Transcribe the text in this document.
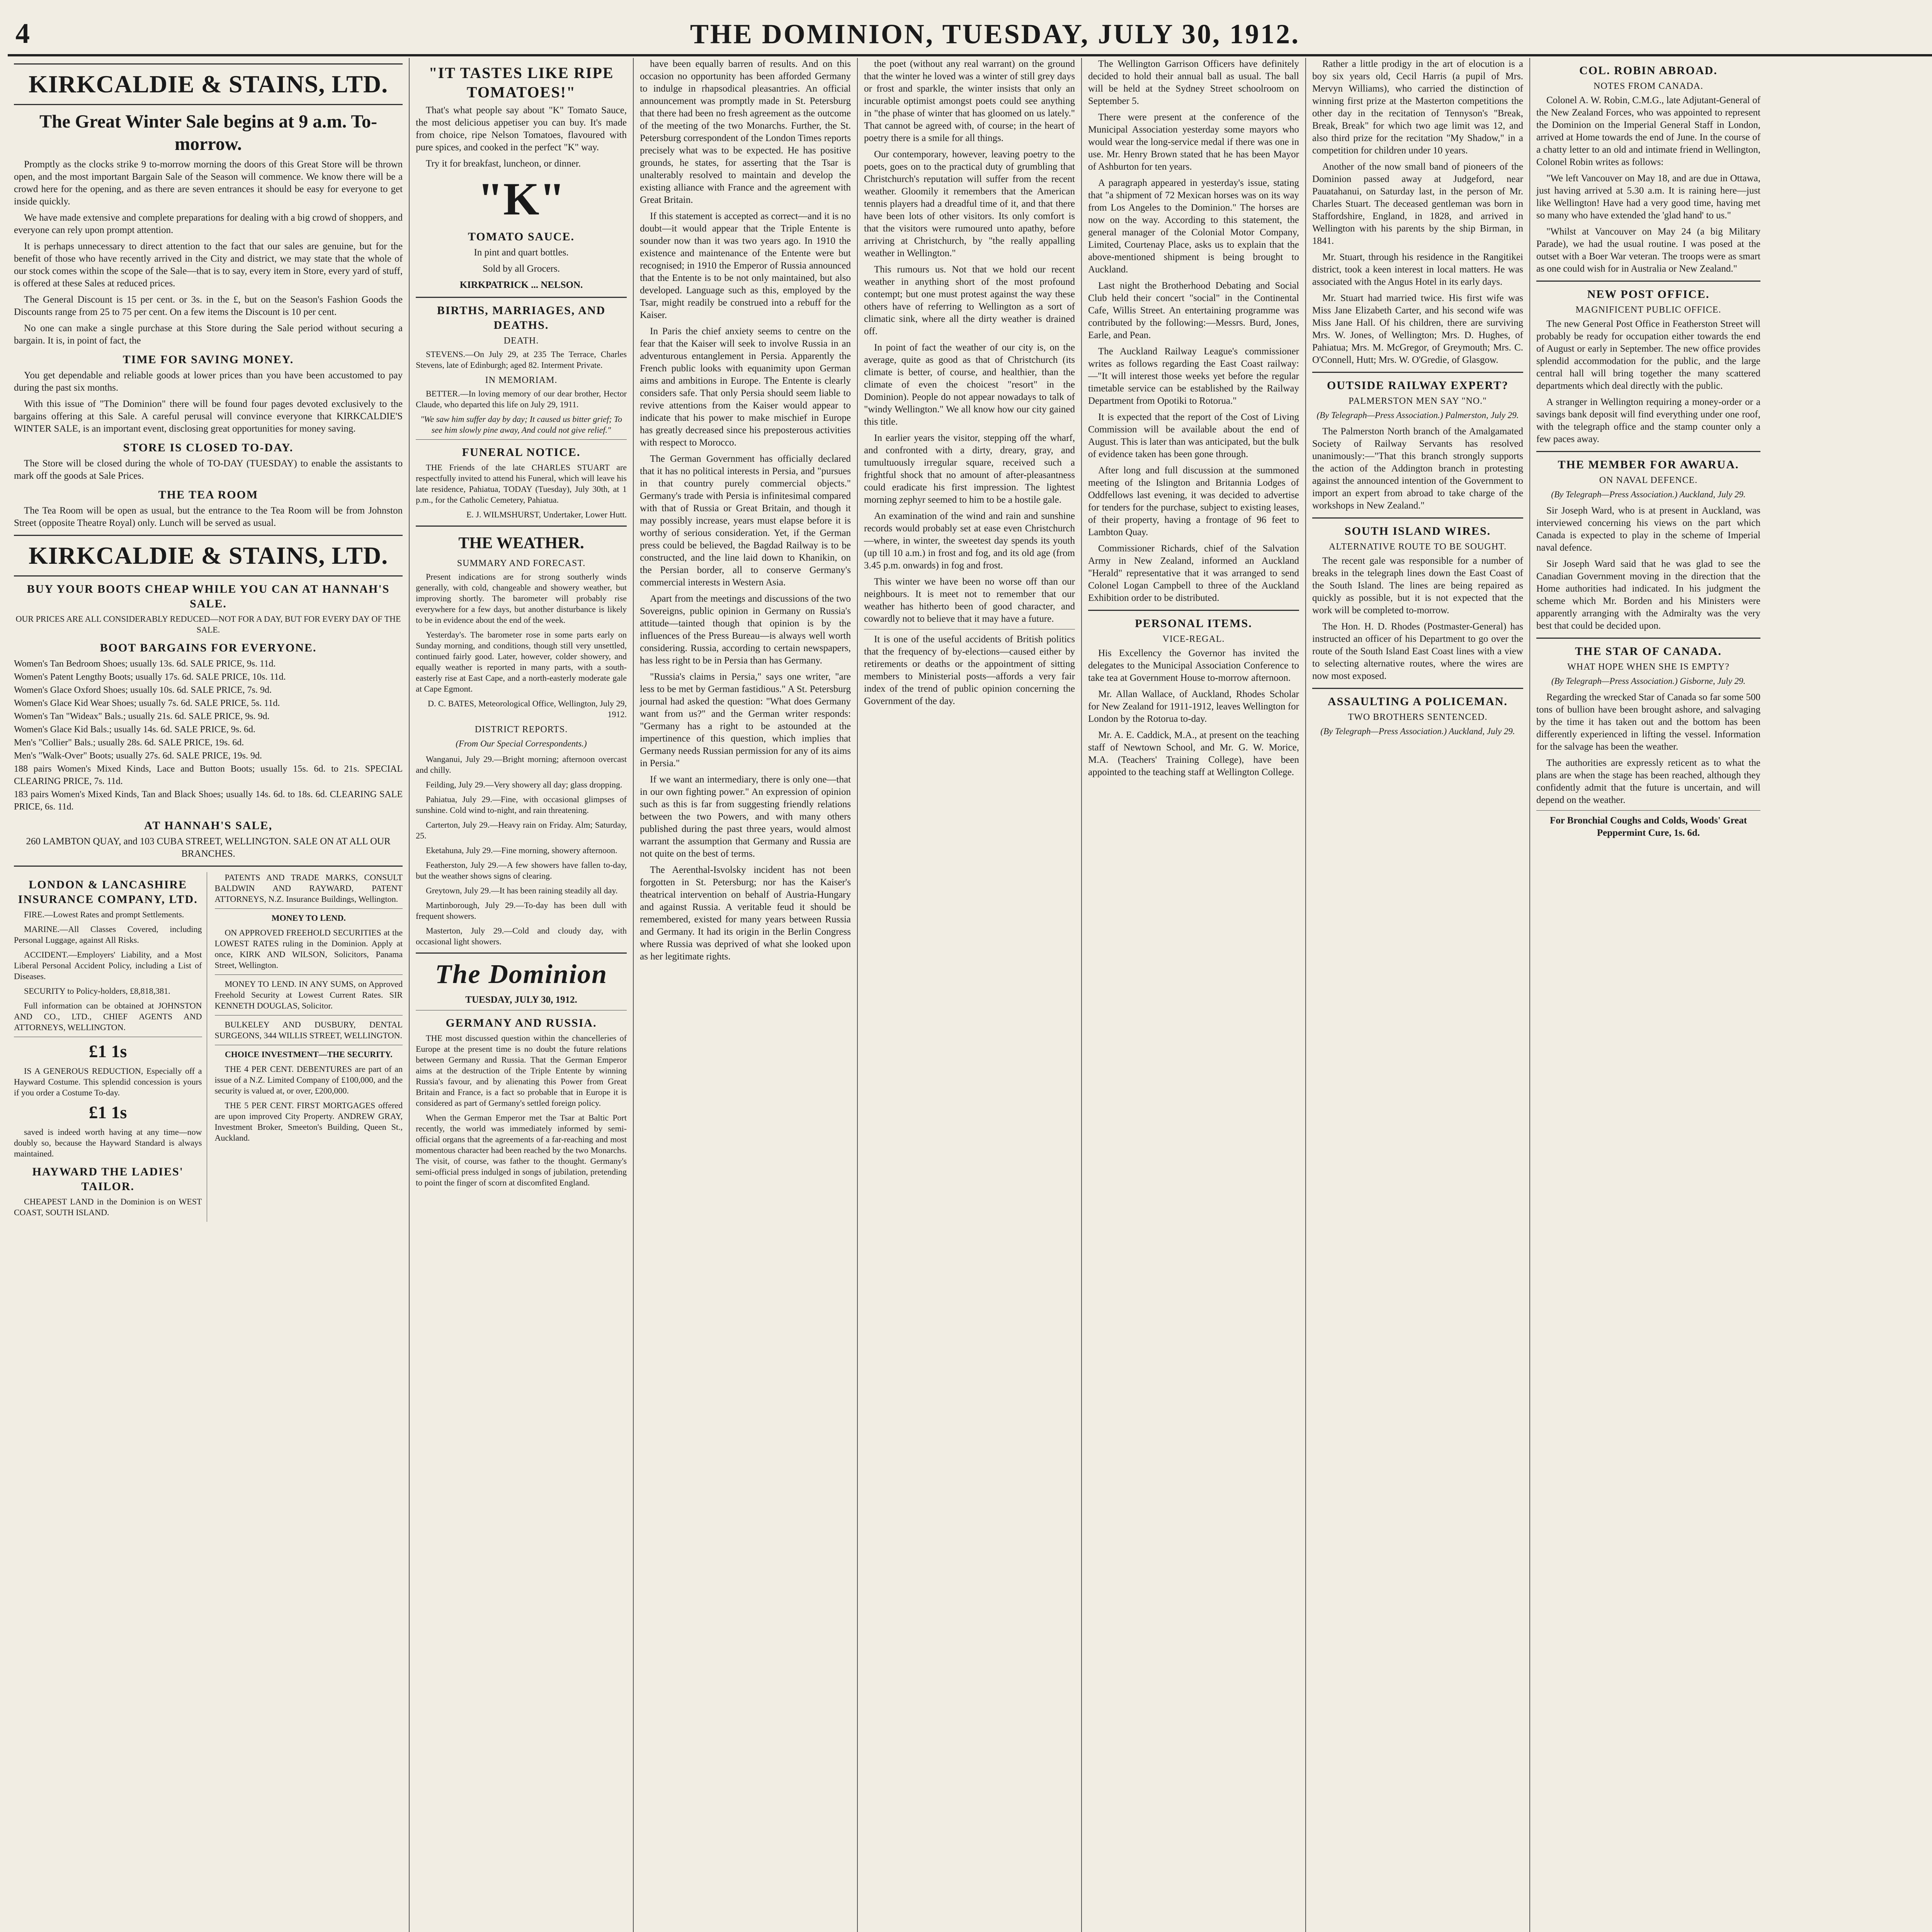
4	THE DOMINION, TUESDAY, JULY 30, 1912.
KIRKCALDIE & STAINS, LTD.
The Great Winter Sale begins at 9 a.m. To-morrow.

Promptly as the clocks strike 9 to-morrow morning the doors of this Great Store will be thrown open, and the most important Bargain Sale of the Season will commence. We know there will be a crowd here for the opening, and as there are seven entrances it should be easy for everyone to get inside quickly.

We have made extensive and complete preparations for dealing with a big crowd of shoppers, and everyone can rely upon prompt attention.

It is perhaps unnecessary to direct attention to the fact that our sales are genuine, but for the benefit of those who have recently arrived in the City and district, we may state that the whole of our stock comes within the scope of the Sale—that is to say, every item in Store, every yard of stuff, is offered at these Sales at reduced prices.

The General Discount is 15 per cent. or 3s. in the £, but on the Season's Fashion Goods the Discounts range from 25 to 75 per cent. On a few items the Discount is 10 per cent.

No one can make a single purchase at this Store during the Sale period without securing a bargain. It is, in point of fact, the

TIME FOR SAVING MONEY.

You get dependable and reliable goods at lower prices than you have been accustomed to pay during the past six months.

With this issue of "The Dominion" there will be found four pages devoted exclusively to the bargains offering at this Sale. A careful perusal will convince everyone that KIRKCALDIE'S WINTER SALE, is an important event, disclosing great opportunities for money saving.

STORE IS CLOSED TO-DAY.

The Store will be closed during the whole of TO-DAY (TUESDAY) to enable the assistants to mark off the goods at Sale Prices.

THE TEA ROOM

The Tea Room will be open as usual, but the entrance to the Tea Room will be from Johnston Street (opposite Theatre Royal) only. Lunch will be served as usual.

KIRKCALDIE & STAINS, LTD.
BUY YOUR BOOTS CHEAP WHILE YOU CAN AT HANNAH'S SALE.

OUR PRICES ARE ALL CONSIDERABLY REDUCED—NOT FOR A DAY, BUT FOR EVERY DAY OF THE SALE.

BOOT BARGAINS FOR EVERYONE.

Women's Tan Bedroom Shoes; usually 13s. 6d. SALE PRICE, 9s. 11d.

Women's Patent Lengthy Boots; usually 17s. 6d. SALE PRICE, 10s. 11d.

Women's Glace Oxford Shoes; usually 10s. 6d. SALE PRICE, 7s. 9d.

Women's Glace Kid Wear Shoes; usually 7s. 6d. SALE PRICE, 5s. 11d.

Women's Tan "Wideax" Bals.; usually 21s. 6d. SALE PRICE, 9s. 9d.

Women's Glace Kid Bals.; usually 14s. 6d. SALE PRICE, 9s. 6d.

Men's "Collier" Bals.; usually 28s. 6d. SALE PRICE, 19s. 6d.

Men's "Walk-Over" Boots; usually 27s. 6d. SALE PRICE, 19s. 9d.

188 pairs Women's Mixed Kinds, Lace and Button Boots; usually 15s. 6d. to 21s. SPECIAL CLEARING PRICE, 7s. 11d.

183 pairs Women's Mixed Kinds, Tan and Black Shoes; usually 14s. 6d. to 18s. 6d. CLEARING SALE PRICE, 6s. 11d.

AT HANNAH'S SALE,

260 LAMBTON QUAY, and 103 CUBA STREET, WELLINGTON. SALE ON AT ALL OUR BRANCHES.

LONDON & LANCASHIRE INSURANCE COMPANY, LTD.

FIRE.—Lowest Rates and prompt Settlements.

MARINE.—All Classes Covered, including Personal Luggage, against All Risks.

ACCIDENT.—Employers' Liability, and a Most Liberal Personal Accident Policy, including a List of Diseases.

SECURITY to Policy-holders, £8,818,381.

Full information can be obtained at JOHNSTON AND CO., LTD., CHIEF AGENTS AND ATTORNEYS, WELLINGTON.

£1 1s

IS A GENEROUS REDUCTION, Especially off a Hayward Costume. This splendid concession is yours if you order a Costume To-day.

£1 1s

saved is indeed worth having at any time—now doubly so, because the Hayward Standard is always maintained.

HAYWARD THE LADIES' TAILOR.

CHEAPEST LAND in the Dominion is on WEST COAST, SOUTH ISLAND.

PATENTS AND TRADE MARKS, CONSULT BALDWIN AND RAYWARD, PATENT ATTORNEYS, N.Z. Insurance Buildings, Wellington.

MONEY TO LEND.

ON APPROVED FREEHOLD SECURITIES at the LOWEST RATES ruling in the Dominion. Apply at once, KIRK AND WILSON, Solicitors, Panama Street, Wellington.

MONEY TO LEND. IN ANY SUMS, on Approved Freehold Security at Lowest Current Rates. SIR KENNETH DOUGLAS, Solicitor.

BULKELEY AND DUSBURY, DENTAL SURGEONS, 344 WILLIS STREET, WELLINGTON.

CHOICE INVESTMENT—THE SECURITY.

THE 4 PER CENT. DEBENTURES are part of an issue of a N.Z. Limited Company of £100,000, and the security is valued at, or over, £200,000.

THE 5 PER CENT. FIRST MORTGAGES offered are upon improved City Property. ANDREW GRAY, Investment Broker, Smeeton's Building, Queen St., Auckland.

"IT TASTES LIKE RIPE TOMATOES!"

That's what people say about "K" Tomato Sauce, the most delicious appetiser you can buy. It's made from choice, ripe Nelson Tomatoes, flavoured with pure spices, and cooked in the perfect "K" way.

Try it for breakfast, luncheon, or dinner.

"K"
TOMATO SAUCE.

In pint and quart bottles.

Sold by all Grocers.

KIRKPATRICK ... NELSON.

BIRTHS, MARRIAGES, AND DEATHS.
DEATH.

STEVENS.—On July 29, at 235 The Terrace, Charles Stevens, late of Edinburgh; aged 82. Interment Private.

IN MEMORIAM.

BETTER.—In loving memory of our dear brother, Hector Claude, who departed this life on July 29, 1911.

"We saw him suffer day by day; It caused us bitter grief; To see him slowly pine away, And could not give relief."

FUNERAL NOTICE.

THE Friends of the late CHARLES STUART are respectfully invited to attend his Funeral, which will leave his late residence, Pahiatua, TODAY (Tuesday), July 30th, at 1 p.m., for the Catholic Cemetery, Pahiatua.

E. J. WILMSHURST, Undertaker, Lower Hutt.

THE WEATHER.
SUMMARY AND FORECAST.

Present indications are for strong southerly winds generally, with cold, changeable and showery weather, but improving shortly. The barometer will probably rise everywhere for a few days, but another disturbance is likely to be in evidence about the end of the week.

Yesterday's. The barometer rose in some parts early on Sunday morning, and conditions, though still very unsettled, continued fairly good. Later, however, colder showery, and equally weather is reported in many parts, with a south-easterly rise at East Cape, and a north-easterly moderate gale at Cape Egmont.

D. C. BATES, Meteorological Office, Wellington, July 29, 1912.

DISTRICT REPORTS.

(From Our Special Correspondents.)

Wanganui, July 29.—Bright morning; afternoon overcast and chilly.

Feilding, July 29.—Very showery all day; glass dropping.

Pahiatua, July 29.—Fine, with occasional glimpses of sunshine. Cold wind to-night, and rain threatening.

Carterton, July 29.—Heavy rain on Friday. Alm; Saturday, 25.

Eketahuna, July 29.—Fine morning, showery afternoon.

Featherston, July 29.—A few showers have fallen to-day, but the weather shows signs of clearing.

Greytown, July 29.—It has been raining steadily all day.

Martinborough, July 29.—To-day has been dull with frequent showers.

Masterton, July 29.—Cold and cloudy day, with occasional light showers.

The Dominion

TUESDAY, JULY 30, 1912.

GERMANY AND RUSSIA.

THE most discussed question within the chancelleries of Europe at the present time is no doubt the future relations between Germany and Russia. That the German Emperor aims at the destruction of the Triple Entente by winning Russia's favour, and by alienating this Power from Great Britain and France, is a fact so probable that in Europe it is considered as part of Germany's settled foreign policy.

When the German Emperor met the Tsar at Baltic Port recently, the world was immediately informed by semi-official organs that the agreements of a far-reaching and most momentous character had been reached by the two Monarchs. The visit, of course, was father to the thought. Germany's semi-official press indulged in songs of jubilation, pretending to point the finger of scorn at discomfited England.

have been equally barren of results. And on this occasion no opportunity has been afforded Germany to indulge in rhapsodical pleasantries. An official announcement was promptly made in St. Petersburg that there had been no fresh agreement as the outcome of the meeting of the two Monarchs. Further, the St. Petersburg correspondent of the London Times reports precisely what was to be expected. He has positive grounds, he states, for asserting that the Tsar is unalterably resolved to maintain and develop the existing alliance with France and the agreement with Great Britain.

If this statement is accepted as correct—and it is no doubt—it would appear that the Triple Entente is sounder now than it was two years ago. In 1910 the existence and maintenance of the Entente were but recognised; in 1910 the Emperor of Russia announced that the Entente is to be not only maintained, but also developed. Language such as this, employed by the Tsar, might readily be construed into a rebuff for the Kaiser.

In Paris the chief anxiety seems to centre on the fear that the Kaiser will seek to involve Russia in an adventurous entanglement in Persia. Apparently the French public looks with equanimity upon German aims and ambitions in Europe. The Entente is clearly considers safe. That only Persia should seem liable to revive attentions from the Kaiser would appear to indicate that his power to make mischief in Europe has greatly decreased since his preposterous activities with respect to Morocco.

The German Government has officially declared that it has no political interests in Persia, and "pursues in that country purely commercial objects." Germany's trade with Persia is infinitesimal compared with that of Russia or Great Britain, and though it may possibly increase, years must elapse before it is worthy of serious consideration. Yet, if the German press could be believed, the Bagdad Railway is to be constructed, and the line laid down to Khanikin, on the Persian border, all to conserve Germany's commercial interests in Western Asia.

Apart from the meetings and discussions of the two Sovereigns, public opinion in Germany on Russia's attitude—tainted though that opinion is by the influences of the Press Bureau—is always well worth considering. Russia, according to certain newspapers, has less right to be in Persia than has Germany.

"Russia's claims in Persia," says one writer, "are less to be met by German fastidious." A St. Petersburg journal had asked the question: "What does Germany want from us?" and the German writer responds: "Germany has a right to be astounded at the impertinence of this question, which implies that Germany needs Russian permission for any of its aims in Persia."

If we want an intermediary, there is only one—that in our own fighting power." An expression of opinion such as this is far from suggesting friendly relations between the two Powers, and with many others published during the past three years, would almost warrant the assumption that Germany and Russia are not quite on the best of terms.

The Aerenthal-Isvolsky incident has not been forgotten in St. Petersburg; nor has the Kaiser's theatrical intervention on behalf of Austria-Hungary and against Russia. A veritable feud it should be remembered, existed for many years between Russia and Germany. It had its origin in the Berlin Congress where Russia was deprived of what she looked upon as her legitimate rights.

the poet (without any real warrant) on the ground that the winter he loved was a winter of still grey days or frost and sparkle, the winter insists that only an incurable optimist amongst poets could see anything in "the phase of winter that has gloomed on us lately." That cannot be agreed with, of course; in the heart of poetry there is a smile for all things.

Our contemporary, however, leaving poetry to the poets, goes on to the practical duty of grumbling that Christchurch's reputation will suffer from the recent weather. Gloomily it remembers that the American tennis players had a dreadful time of it, and that there have been lots of other visitors. Its only comfort is that the visitors were rumoured unto apathy, before arriving at Christchurch, by "the really appalling weather in Wellington."

This rumours us. Not that we hold our recent weather in anything short of the most profound contempt; but one must protest against the way these others have of referring to Wellington as a sort of climatic sink, where all the dirty weather is drained off.

In point of fact the weather of our city is, on the average, quite as good as that of Christchurch (its climate is better, of course, and healthier, than the climate of even the choicest "resort" in the Dominion). People do not appear nowadays to talk of "windy Wellington." We all know how our city gained this title.

In earlier years the visitor, stepping off the wharf, and confronted with a dirty, dreary, gray, and tumultuously irregular square, received such a frightful shock that no amount of after-pleasantness could eradicate his first impression. The lightest morning zephyr seemed to him to be a hostile gale.

An examination of the wind and rain and sunshine records would probably set at ease even Christchurch—where, in winter, the sweetest day spends its youth (up till 10 a.m.) in frost and fog, and its old age (from 3.45 p.m. onwards) in fog and frost.

This winter we have been no worse off than our neighbours. It is meet not to remember that our weather has hitherto been of good character, and cowardly not to believe that it may have a future.

It is one of the useful accidents of British politics that the frequency of by-elections—caused either by retirements or deaths or the appointment of sitting members to Ministerial posts—affords a very fair index of the trend of public opinion concerning the Government of the day.

The Wellington Garrison Officers have definitely decided to hold their annual ball as usual. The ball will be held at the Sydney Street schoolroom on September 5.

There were present at the conference of the Municipal Association yesterday some mayors who would wear the long-service medal if there was one in use. Mr. Henry Brown stated that he has been Mayor of Ashburton for ten years.

A paragraph appeared in yesterday's issue, stating that "a shipment of 72 Mexican horses was on its way from Los Angeles to the Dominion." The horses are now on the way. According to this statement, the general manager of the Colonial Motor Company, Limited, Courtenay Place, asks us to explain that the above-mentioned shipment is being brought to Auckland.

Last night the Brotherhood Debating and Social Club held their concert "social" in the Continental Cafe, Willis Street. An entertaining programme was contributed by the following:—Messrs. Burd, Jones, Earle, and Pean.

The Auckland Railway League's commissioner writes as follows regarding the East Coast railway:—"It will interest those weeks yet before the regular timetable service can be established by the Railway Department from Opotiki to Rotorua."

It is expected that the report of the Cost of Living Commission will be available about the end of August. This is later than was anticipated, but the bulk of evidence taken has been gone through.

After long and full discussion at the summoned meeting of the Islington and Britannia Lodges of Oddfellows last evening, it was decided to advertise for tenders for the purchase, subject to existing leases, of their property, having a frontage of 96 feet to Lambton Quay.

Commissioner Richards, chief of the Salvation Army in New Zealand, informed an Auckland "Herald" representative that it was arranged to send Colonel Logan Campbell to three of the Auckland Exhibition order to be distributed.

PERSONAL ITEMS.
VICE-REGAL.

His Excellency the Governor has invited the delegates to the Municipal Association Conference to take tea at Government House to-morrow afternoon.

Mr. Allan Wallace, of Auckland, Rhodes Scholar for New Zealand for 1911-1912, leaves Wellington for London by the Rotorua to-day.

Mr. A. E. Caddick, M.A., at present on the teaching staff of Newtown School, and Mr. G. W. Morice, M.A. (Teachers' Training College), have been appointed to the teaching staff at Wellington College.

Rather a little prodigy in the art of elocution is a boy six years old, Cecil Harris (a pupil of Mrs. Mervyn Williams), who carried the distinction of winning first prize at the Masterton competitions the other day in the recitation of Tennyson's "Break, Break, Break" for which two age limit was 12, and also third prize for the recitation "My Shadow," in a competition for children under 10 years.

Another of the now small band of pioneers of the Dominion passed away at Judgeford, near Pauatahanui, on Saturday last, in the person of Mr. Charles Stuart. The deceased gentleman was born in Staffordshire, England, in 1828, and arrived in Wellington with his parents by the ship Birman, in 1841.

Mr. Stuart, through his residence in the Rangitikei district, took a keen interest in local matters. He was associated with the Angus Hotel in its early days.

Mr. Stuart had married twice. His first wife was Miss Jane Elizabeth Carter, and his second wife was Miss Jane Hall. Of his children, there are surviving Mrs. W. Jones, of Wellington; Mrs. D. Hughes, of Pahiatua; Mrs. M. McGregor, of Greymouth; Mrs. C. O'Connell, Hutt; Mrs. W. O'Gredie, of Glasgow.

OUTSIDE RAILWAY EXPERT?
PALMERSTON MEN SAY "NO."

(By Telegraph—Press Association.) Palmerston, July 29.

The Palmerston North branch of the Amalgamated Society of Railway Servants has resolved unanimously:—"That this branch strongly supports the action of the Addington branch in protesting against the announced intention of the Government to import an expert from abroad to take charge of the workshops in New Zealand."

SOUTH ISLAND WIRES.
ALTERNATIVE ROUTE TO BE SOUGHT.

The recent gale was responsible for a number of breaks in the telegraph lines down the East Coast of the South Island. The lines are being repaired as quickly as possible, but it is not expected that the work will be completed to-morrow.

The Hon. H. D. Rhodes (Postmaster-General) has instructed an officer of his Department to go over the route of the South Island East Coast lines with a view to selecting alternative routes, where the wires are now most exposed.

ASSAULTING A POLICEMAN.
TWO BROTHERS SENTENCED.

(By Telegraph—Press Association.) Auckland, July 29.

COL. ROBIN ABROAD.
NOTES FROM CANADA.

Colonel A. W. Robin, C.M.G., late Adjutant-General of the New Zealand Forces, who was appointed to represent the Dominion on the Imperial General Staff in London, arrived at Home towards the end of June. In the course of a chatty letter to an old and intimate friend in Wellington, Colonel Robin writes as follows:

"We left Vancouver on May 18, and are due in Ottawa, just having arrived at 5.30 a.m. It is raining here—just like Wellington! Have had a very good time, having met so many who have extended the 'glad hand' to us."

"Whilst at Vancouver on May 24 (a big Military Parade), we had the usual routine. I was posed at the outset with a Boer War veteran. The troops were as smart as one could wish for in Australia or New Zealand."

NEW POST OFFICE.
MAGNIFICENT PUBLIC OFFICE.

The new General Post Office in Featherston Street will probably be ready for occupation either towards the end of August or early in September. The new office provides splendid accommodation for the public, and the large central hall will bring together the many scattered departments which deal directly with the public.

A stranger in Wellington requiring a money-order or a savings bank deposit will find everything under one roof, with the telegraph office and the stamp counter only a few paces away.

THE MEMBER FOR AWARUA.
ON NAVAL DEFENCE.

(By Telegraph—Press Association.) Auckland, July 29.

Sir Joseph Ward, who is at present in Auckland, was interviewed concerning his views on the part which Canada is expected to play in the scheme of Imperial naval defence.

Sir Joseph Ward said that he was glad to see the Canadian Government moving in the direction that the Home authorities had indicated. In his judgment the scheme which Mr. Borden and his Ministers were apparently arranging with the Admiralty was the very best that could be decided upon.

THE STAR OF CANADA.
WHAT HOPE WHEN SHE IS EMPTY?

(By Telegraph—Press Association.) Gisborne, July 29.

Regarding the wrecked Star of Canada so far some 500 tons of bullion have been brought ashore, and salvaging by the time it has taken out and the bottom has been differently experienced in lifting the vessel. Information for the salvage has been the weather.

The authorities are expressly reticent as to what the plans are when the stage has been reached, although they confidently admit that the future is uncertain, and will depend on the weather.

For Bronchial Coughs and Colds, Woods' Great Peppermint Cure, 1s. 6d.
